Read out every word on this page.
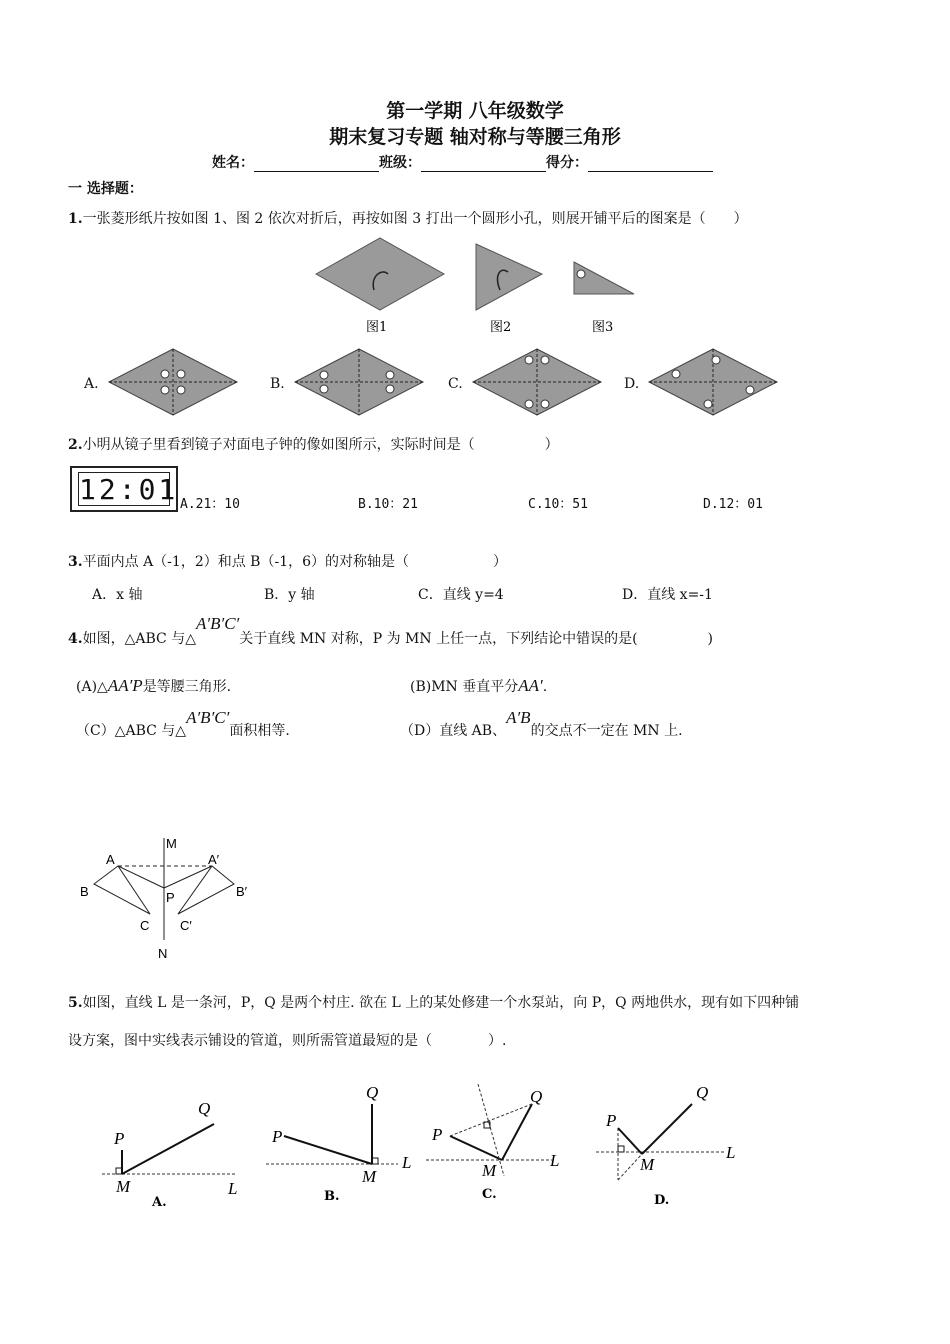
第一学期 八年级数学
期末复习专题 轴对称与等腰三角形
姓名：	班级：	得分：
一 选择题：
1.一张菱形纸片按如图 1、图 2 依次对折后，再按如图 3 打出一个圆形小孔，则展开铺平后的图案是（　　）
图1	图2	图3
A.	B.	C.	D.
2.小明从镜子里看到镜子对面电子钟的像如图所示，实际时间是（　　　　　）
12:01 A.21：10	B.10：21	C.10：51	D.12：01
3.平面内点 A（-1，2）和点 B（-1，6）的对称轴是（　　　　　　）
A．x 轴	B．y 轴	C．直线 y=4	D．直线 x=-1
4.如图，△ABC 与△A′B′C′关于直线 MN 对称，P 为 MN 上任一点，下列结论中错误的是(　　　　　)
(A)△AA′P是等腰三角形.	(B)MN 垂直平分AA′.
（C）△ABC 与△A′B′C′面积相等.	（D）直线 AB、A′B的交点不一定在 MN 上.
M
N
A	A′
B	B′
C C′
P
5.如图，直线 L 是一条河，P，Q 是两个村庄. 欲在 L 上的某处修建一个水泵站，向 P，Q 两地供水，现有如下四种铺
设方案，图中实线表示铺设的管道，则所需管道最短的是（　　　　）.
P
Q
M	L
A.
P
Q
M
L
B.
P
Q
M
L
C.
P
Q
M
L
D.
